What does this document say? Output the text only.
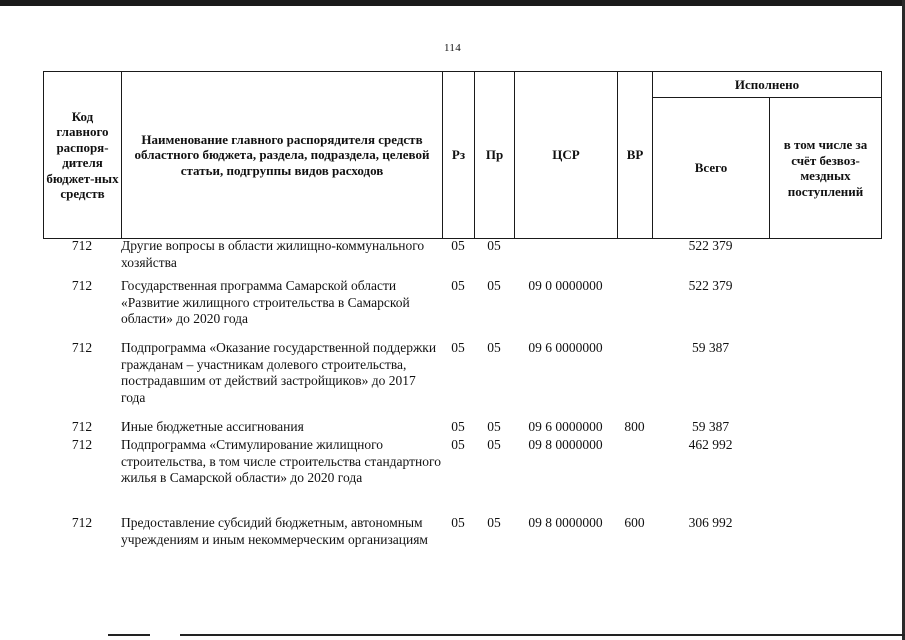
114
Код главного распоря-дителя бюджет-ных средств	Наименование главного распорядителя средств областного бюджета, раздела, подраздела, целевой статьи, подгруппы видов расходов	Рз	Пр	ЦСР	ВР	Исполнено	
						Всего	в том числе за счёт безвоз-мездных поступлений
712	Другие вопросы в области жилищно-коммунального хозяйства	05	05			522 379	
712	Государственная программа Самарской области «Развитие жилищного строительства в Самарской области» до 2020 года	05	05	09 0 0000000		522 379	
712	Подпрограмма «Оказание государственной поддержки гражданам – участникам долевого строительства, пострадавшим от действий застройщиков» до 2017 года	05	05	09 6 0000000		59 387	
712	Иные бюджетные ассигнования	05	05	09 6 0000000	800	59 387	
712	Подпрограмма «Стимулирование жилищного строительства, в том числе строительства стандартного жилья в Самарской области» до 2020 года	05	05	09 8 0000000		462 992	
712	Предоставление субсидий бюджетным, автономным учреждениям и иным некоммерческим организациям	05	05	09 8 0000000	600	306 992	
